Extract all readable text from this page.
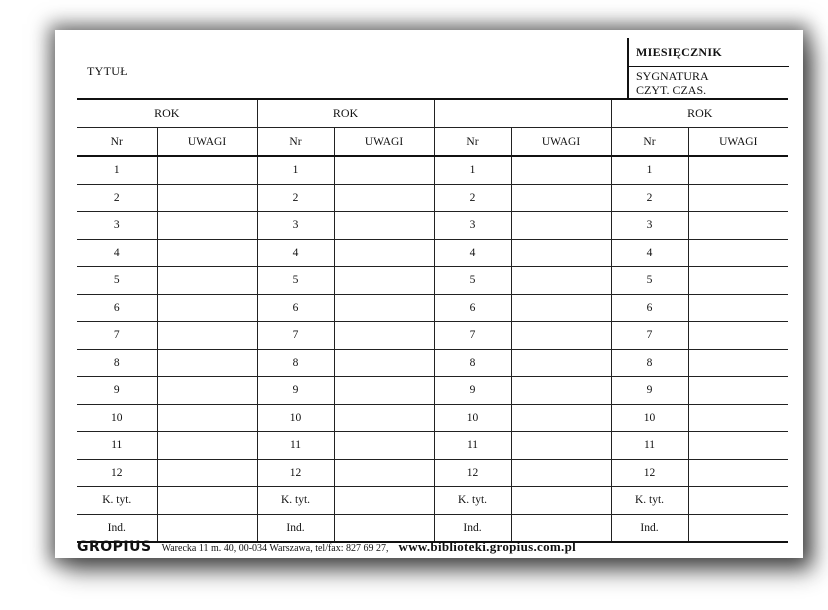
TYTUŁ
MIESIĘCZNIK
SYGNATURA
CZYT. CZAS.
ROK		ROK				ROK	
Nr	UWAGI	Nr	UWAGI	Nr	UWAGI	Nr	UWAGI
1		1		1		1	
2		2		2		2	
3		3		3		3	
4		4		4		4	
5		5		5		5	
6		6		6		6	
7		7		7		7	
8		8		8		8	
9		9		9		9	
10		10		10		10	
11		11		11		11	
12		12		12		12	
K. tyt.		K. tyt.		K. tyt.		K. tyt.	
Ind.		Ind.		Ind.		Ind.	
GROPIUS Warecka 11 m. 40, 00-034 Warszawa, tel/fax: 827 69 27, www.biblioteki.gropius.com.pl
